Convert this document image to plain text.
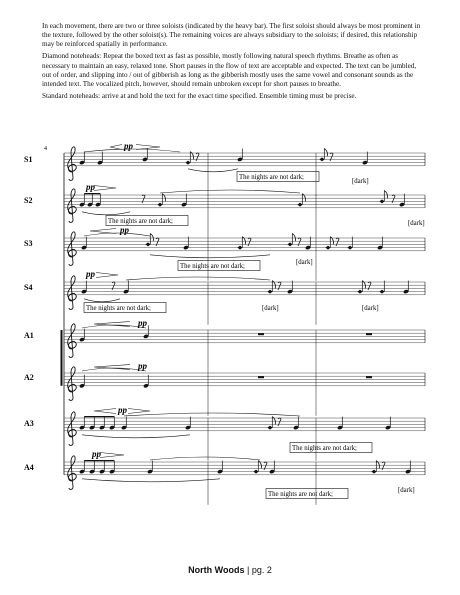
In each movement, there are two or three soloists (indicated by the heavy bar). The first soloist should always be most prominent in the texture, followed by the other soloist(s). The remaining voices are always subsidiary to the soloists; if desired, this relationship may be reinforced spatially in performance.

Diamond noteheads: Repeat the boxed text as fast as possible, mostly following natural speech rhythms. Breathe as often as necessary to maintain an easy, relaxed tone. Short pauses in the flow of text are acceptable and expected. The text can be jumbled, out of order, and slipping into / out of gibberish as long as the gibberish mostly uses the same vowel and consonant sounds as the intended text. The vocalized pitch, however, should remain unbroken except for short pauses to breathe.

Standard noteheads: arrive at and hold the text for the exact time specified. Ensemble timing must be precise.

4
S1
S2
S3
S4
A1
A2
A3
A4
pp
The nights are not dark;
[dark]
pp
The nights are not dark;	[dark]
pp
The nights are not dark;
[dark]
pp
The nights are not dark;	[dark]	[dark]
pp
pp
pp
The nights are not dark;
pp
The nights are not dark;
[dark]
North Woods | pg. 2
